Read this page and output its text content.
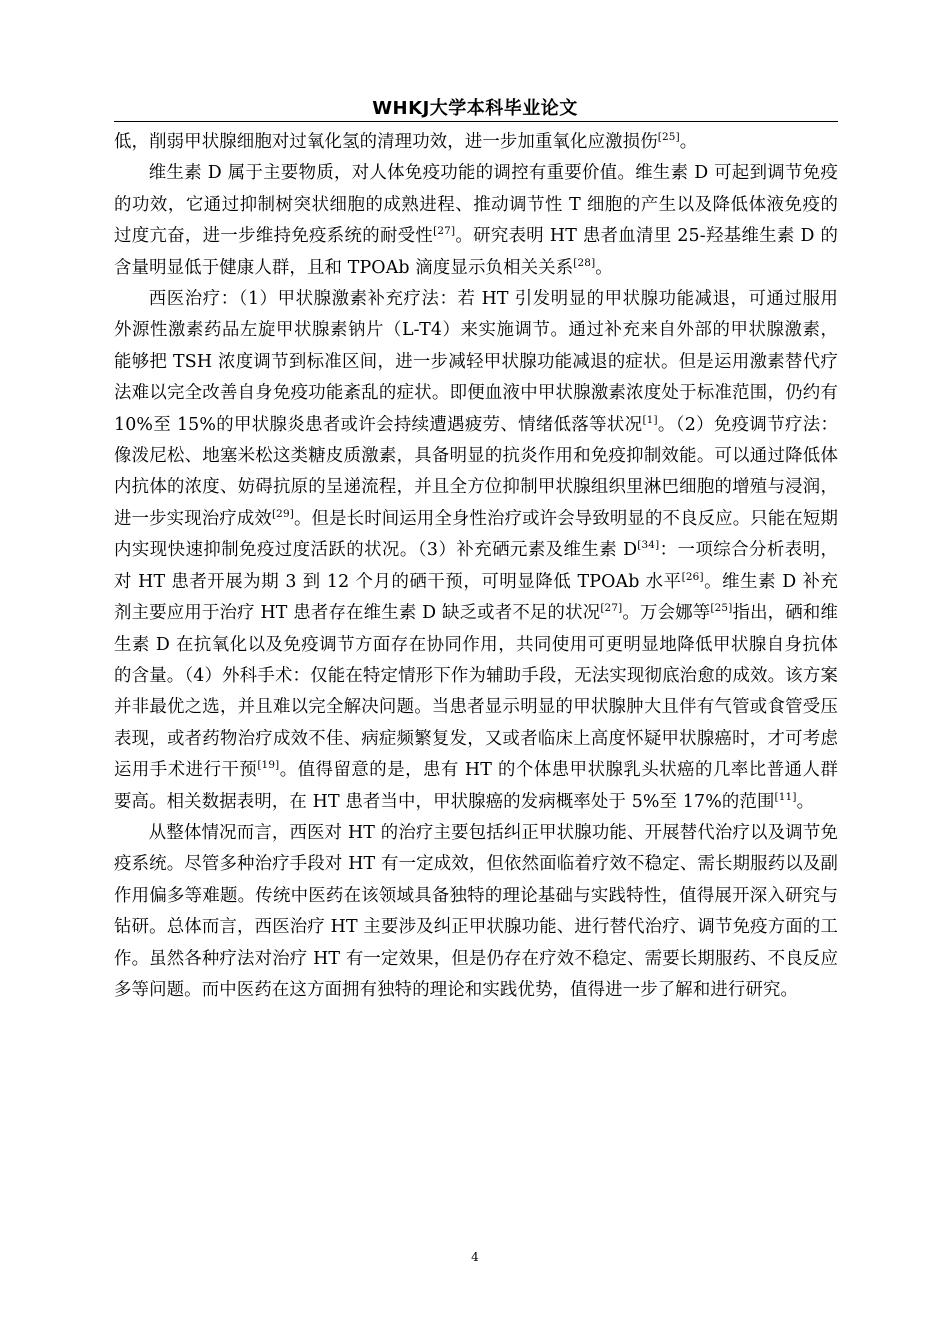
WHKJ大学本科毕业论文

低，削弱甲状腺细胞对过氧化氢的清理功效，进一步加重氧化应激损伤[25]。

维生素 D 属于主要物质，对人体免疫功能的调控有重要价值。维生素 D 可起到调节免疫的功效，它通过抑制树突状细胞的成熟进程、推动调节性 T 细胞的产生以及降低体液免疫的过度亢奋，进一步维持免疫系统的耐受性[27]。研究表明 HT 患者血清里 25-羟基维生素 D 的含量明显低于健康人群，且和 TPOAb 滴度显示负相关关系[28]。

西医治疗：（1）甲状腺激素补充疗法：若 HT 引发明显的甲状腺功能减退，可通过服用外源性激素药品左旋甲状腺素钠片（L-T4）来实施调节。通过补充来自外部的甲状腺激素，能够把 TSH 浓度调节到标准区间，进一步减轻甲状腺功能减退的症状。但是运用激素替代疗法难以完全改善自身免疫功能紊乱的症状。即便血液中甲状腺激素浓度处于标准范围，仍约有 10%至 15%的甲状腺炎患者或许会持续遭遇疲劳、情绪低落等状况[1]。（2）免疫调节疗法：像泼尼松、地塞米松这类糖皮质激素，具备明显的抗炎作用和免疫抑制效能。可以通过降低体内抗体的浓度、妨碍抗原的呈递流程，并且全方位抑制甲状腺组织里淋巴细胞的增殖与浸润，进一步实现治疗成效[29]。但是长时间运用全身性治疗或许会导致明显的不良反应。只能在短期内实现快速抑制免疫过度活跃的状况。（3）补充硒元素及维生素 D[34]：一项综合分析表明，对 HT 患者开展为期 3 到 12 个月的硒干预，可明显降低 TPOAb 水平[26]。维生素 D 补充剂主要应用于治疗 HT 患者存在维生素 D 缺乏或者不足的状况[27]。万会娜等[25]指出，硒和维生素 D 在抗氧化以及免疫调节方面存在协同作用，共同使用可更明显地降低甲状腺自身抗体的含量。（4）外科手术：仅能在特定情形下作为辅助手段，无法实现彻底治愈的成效。该方案并非最优之选，并且难以完全解决问题。当患者显示明显的甲状腺肿大且伴有气管或食管受压表现，或者药物治疗成效不佳、病症频繁复发，又或者临床上高度怀疑甲状腺癌时，才可考虑运用手术进行干预[19]。值得留意的是，患有 HT 的个体患甲状腺乳头状癌的几率比普通人群要高。相关数据表明，在 HT 患者当中，甲状腺癌的发病概率处于 5%至 17%的范围[11]。

从整体情况而言，西医对 HT 的治疗主要包括纠正甲状腺功能、开展替代治疗以及调节免疫系统。尽管多种治疗手段对 HT 有一定成效，但依然面临着疗效不稳定、需长期服药以及副作用偏多等难题。传统中医药在该领域具备独特的理论基础与实践特性，值得展开深入研究与钻研。总体而言，西医治疗 HT 主要涉及纠正甲状腺功能、进行替代治疗、调节免疫方面的工作。虽然各种疗法对治疗 HT 有一定效果，但是仍存在疗效不稳定、需要长期服药、不良反应多等问题。而中医药在这方面拥有独特的理论和实践优势，值得进一步了解和进行研究。

4
